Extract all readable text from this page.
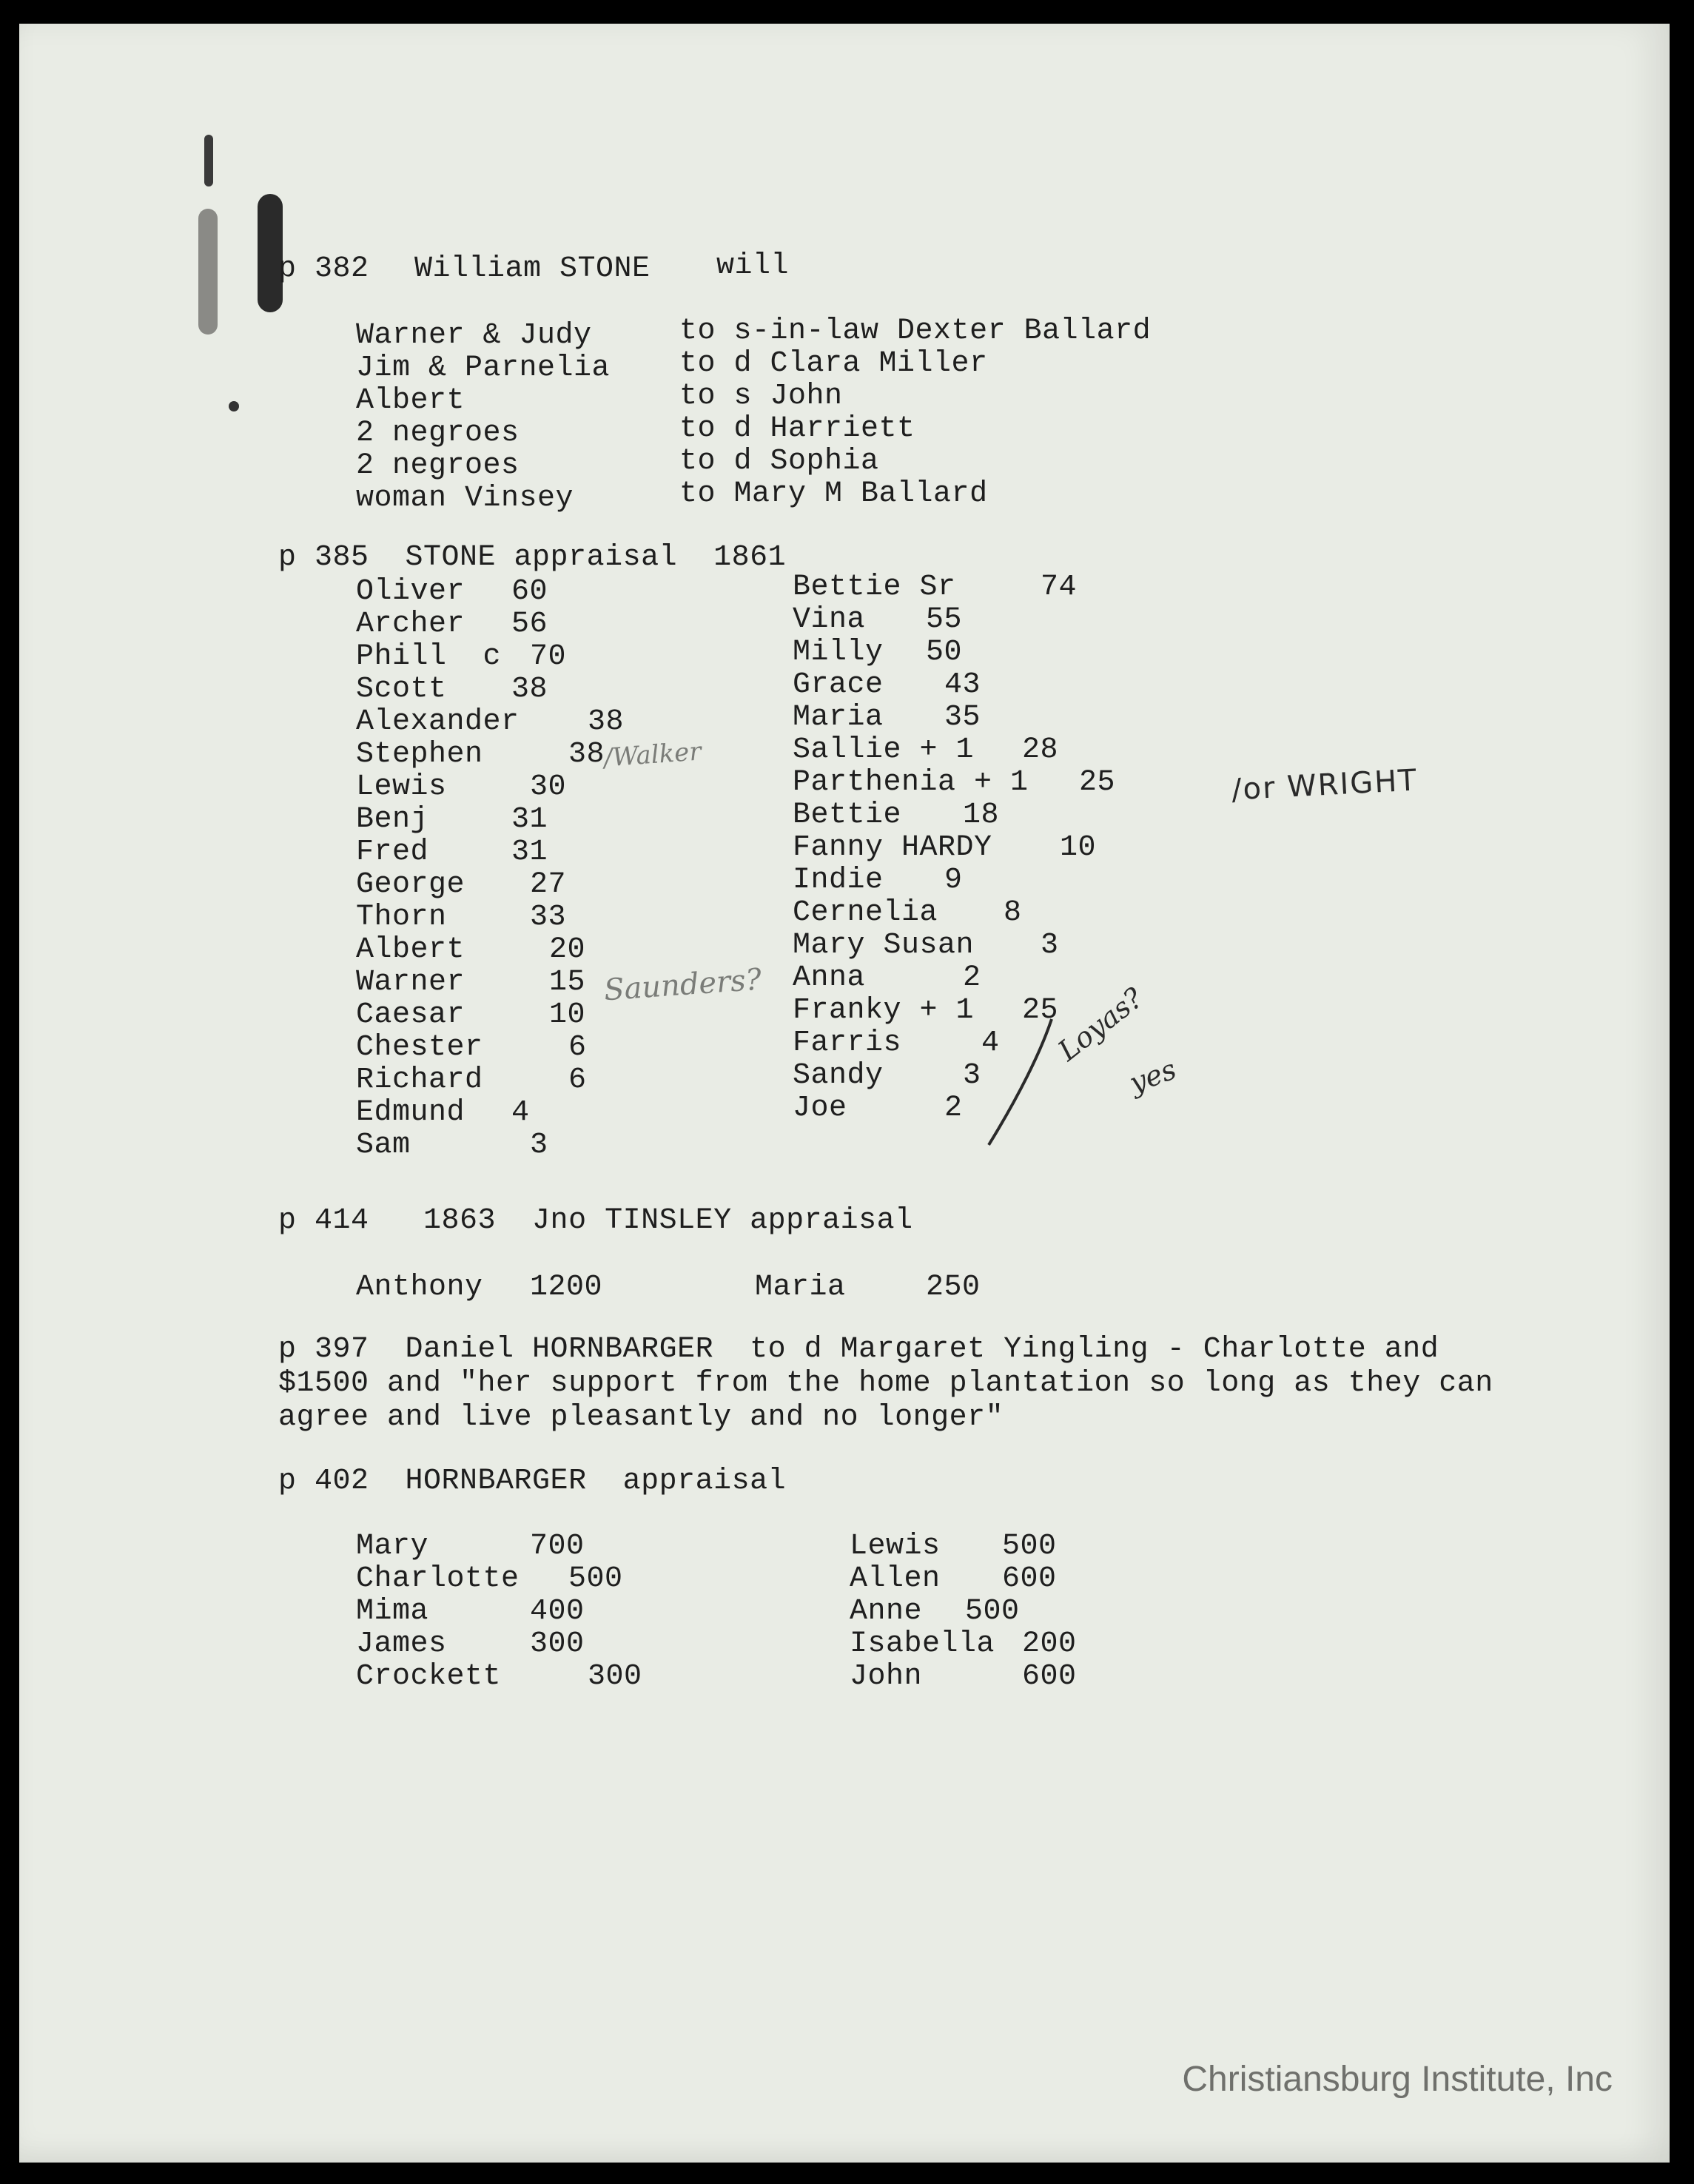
p 382 William STONE will
Warner & Judy	to s-in-law Dexter Ballard
Jim & Parnelia to d Clara Miller
Albert	to s John
2 negroes	to d Harriett
2 negroes	to d Sophia
woman Vinsey	to Mary M Ballard
p 385  STONE appraisal  1861
Oliver 60
Archer 56
Phill  c 70
Scott 38
Alexander 38
Stephen	38
Lewis	30
Benj	31
Fred	31
George 27
Thorn	33
Albert	20
Warner	15
Caesar	10
Chester	6
Richard	6
Edmund 4
Sam	3
Bettie Sr	74
Vina 55
Milly 50
Grace 43
Maria 35
Sallie + 1 28
Parthenia + 1 25
Bettie 18
Fanny HARDY 10
Indie 9
Cernelia 8
Mary Susan 3
Anna	2
Franky + 1 25
Farris	4
Sandy	3
Joe	2
/Walker
/or WRIGHT
Saunders?	Loyas?
yes
p 414   1863  Jno TINSLEY appraisal
Anthony 1200	Maria	250
p 397  Daniel HORNBARGER  to d Margaret Yingling - Charlotte and
$1500 and "her support from the home plantation so long as they can
agree and live pleasantly and no longer"
p 402  HORNBARGER  appraisal
Mary	700
Charlotte 500
Mima	400
James	300
Crockett	300
Lewis 500
Allen 600
Anne 500
Isabella 200
John	600
Christiansburg Institute, Inc
